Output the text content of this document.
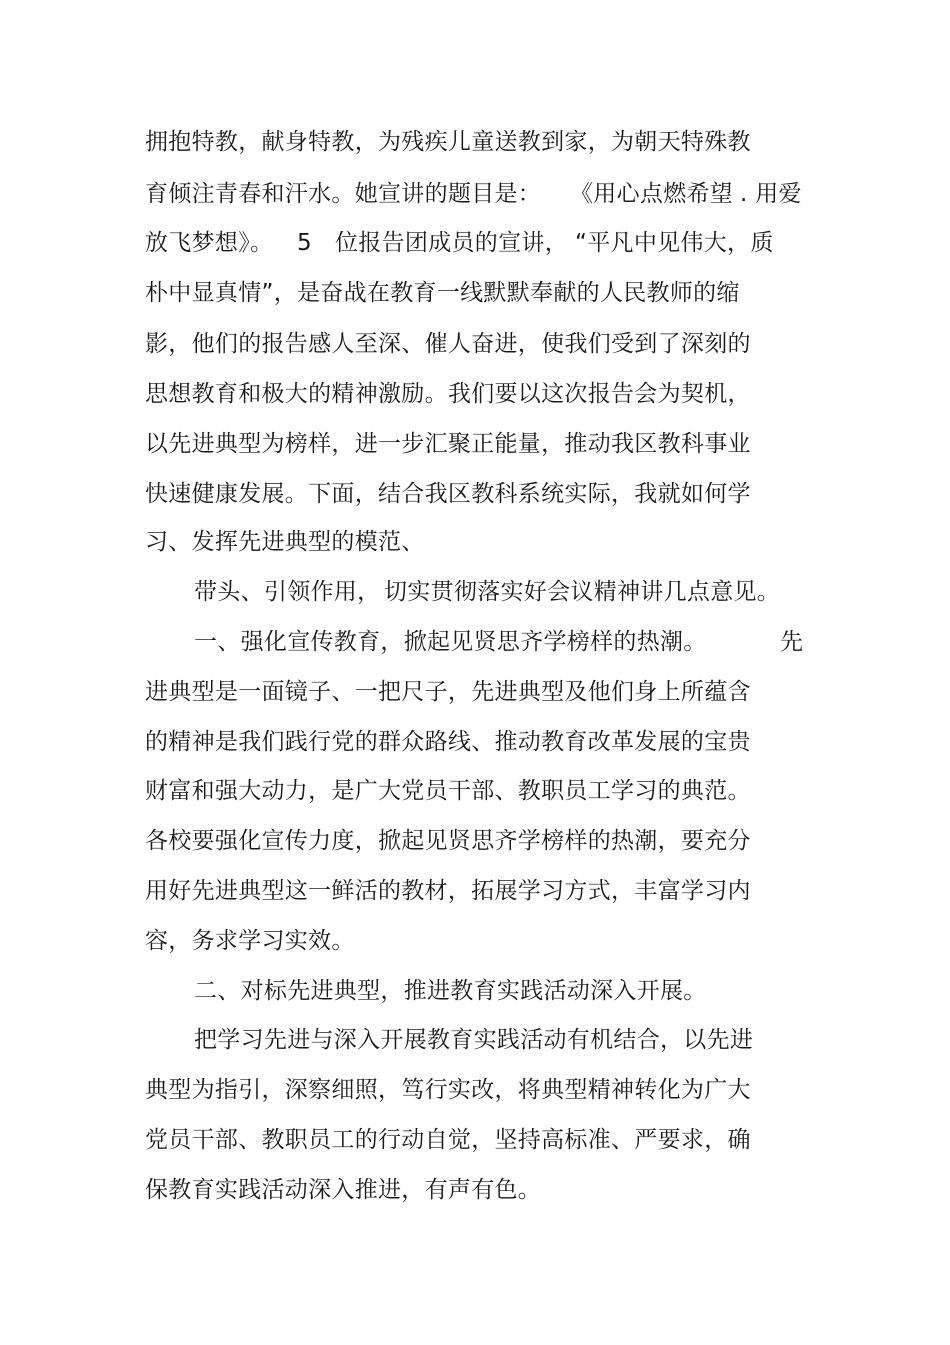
拥抱特教，献身特教，为残疾儿童送教到家，为朝天特殊教
育倾注青春和汗水。她宣讲的题目是： 《用心点燃希望 . 用爱
放飞梦想》。 5 位报告团成员的宣讲， “平凡中见伟大，质
朴中显真情”，是奋战在教育一线默默奉献的人民教师的缩
影，他们的报告感人至深、催人奋进，使我们受到了深刻的
思想教育和极大的精神激励。我们要以这次报告会为契机，
以先进典型为榜样，进一步汇聚正能量，推动我区教科事业
快速健康发展。下面，结合我区教科系统实际，我就如何学
习、发挥先进典型的模范、
带头、引领作用， 切实贯彻落实好会议精神讲几点意见。
一、强化宣传教育，掀起见贤思齐学榜样的热潮。	先
进典型是一面镜子、一把尺子，先进典型及他们身上所蕴含
的精神是我们践行党的群众路线、推动教育改革发展的宝贵
财富和强大动力，是广大党员干部、教职员工学习的典范。
各校要强化宣传力度，掀起见贤思齐学榜样的热潮，要充分
用好先进典型这一鲜活的教材，拓展学习方式，丰富学习内
容，务求学习实效。
二、对标先进典型，推进教育实践活动深入开展。
把学习先进与深入开展教育实践活动有机结合，以先进
典型为指引，深察细照，笃行实改，将典型精神转化为广大
党员干部、教职员工的行动自觉，坚持高标准、严要求，确
保教育实践活动深入推进，有声有色。
